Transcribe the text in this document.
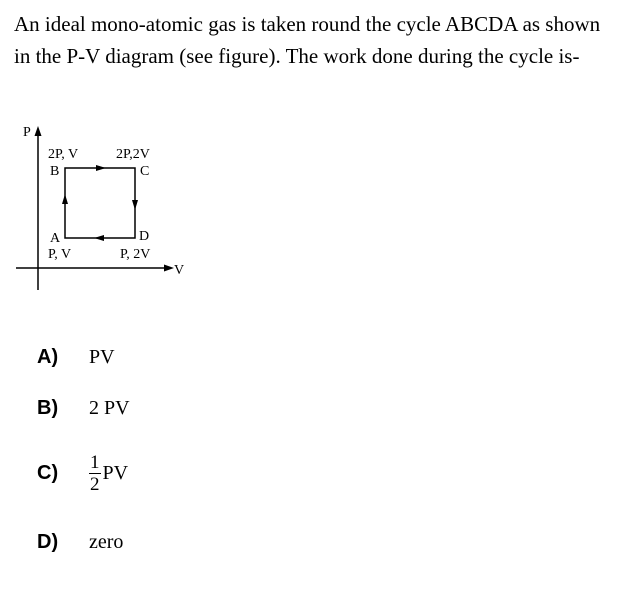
An ideal mono-atomic gas is taken round the cycle ABCDA as shown in the P-V diagram (see figure). The work done during the cycle is-
P
V
2P, V
B
2P,2V
C
A
P, V
D
P, 2V
A)	PV
B)	2 PV
C)	$\frac{1}{2}$ PV
D)	zero
